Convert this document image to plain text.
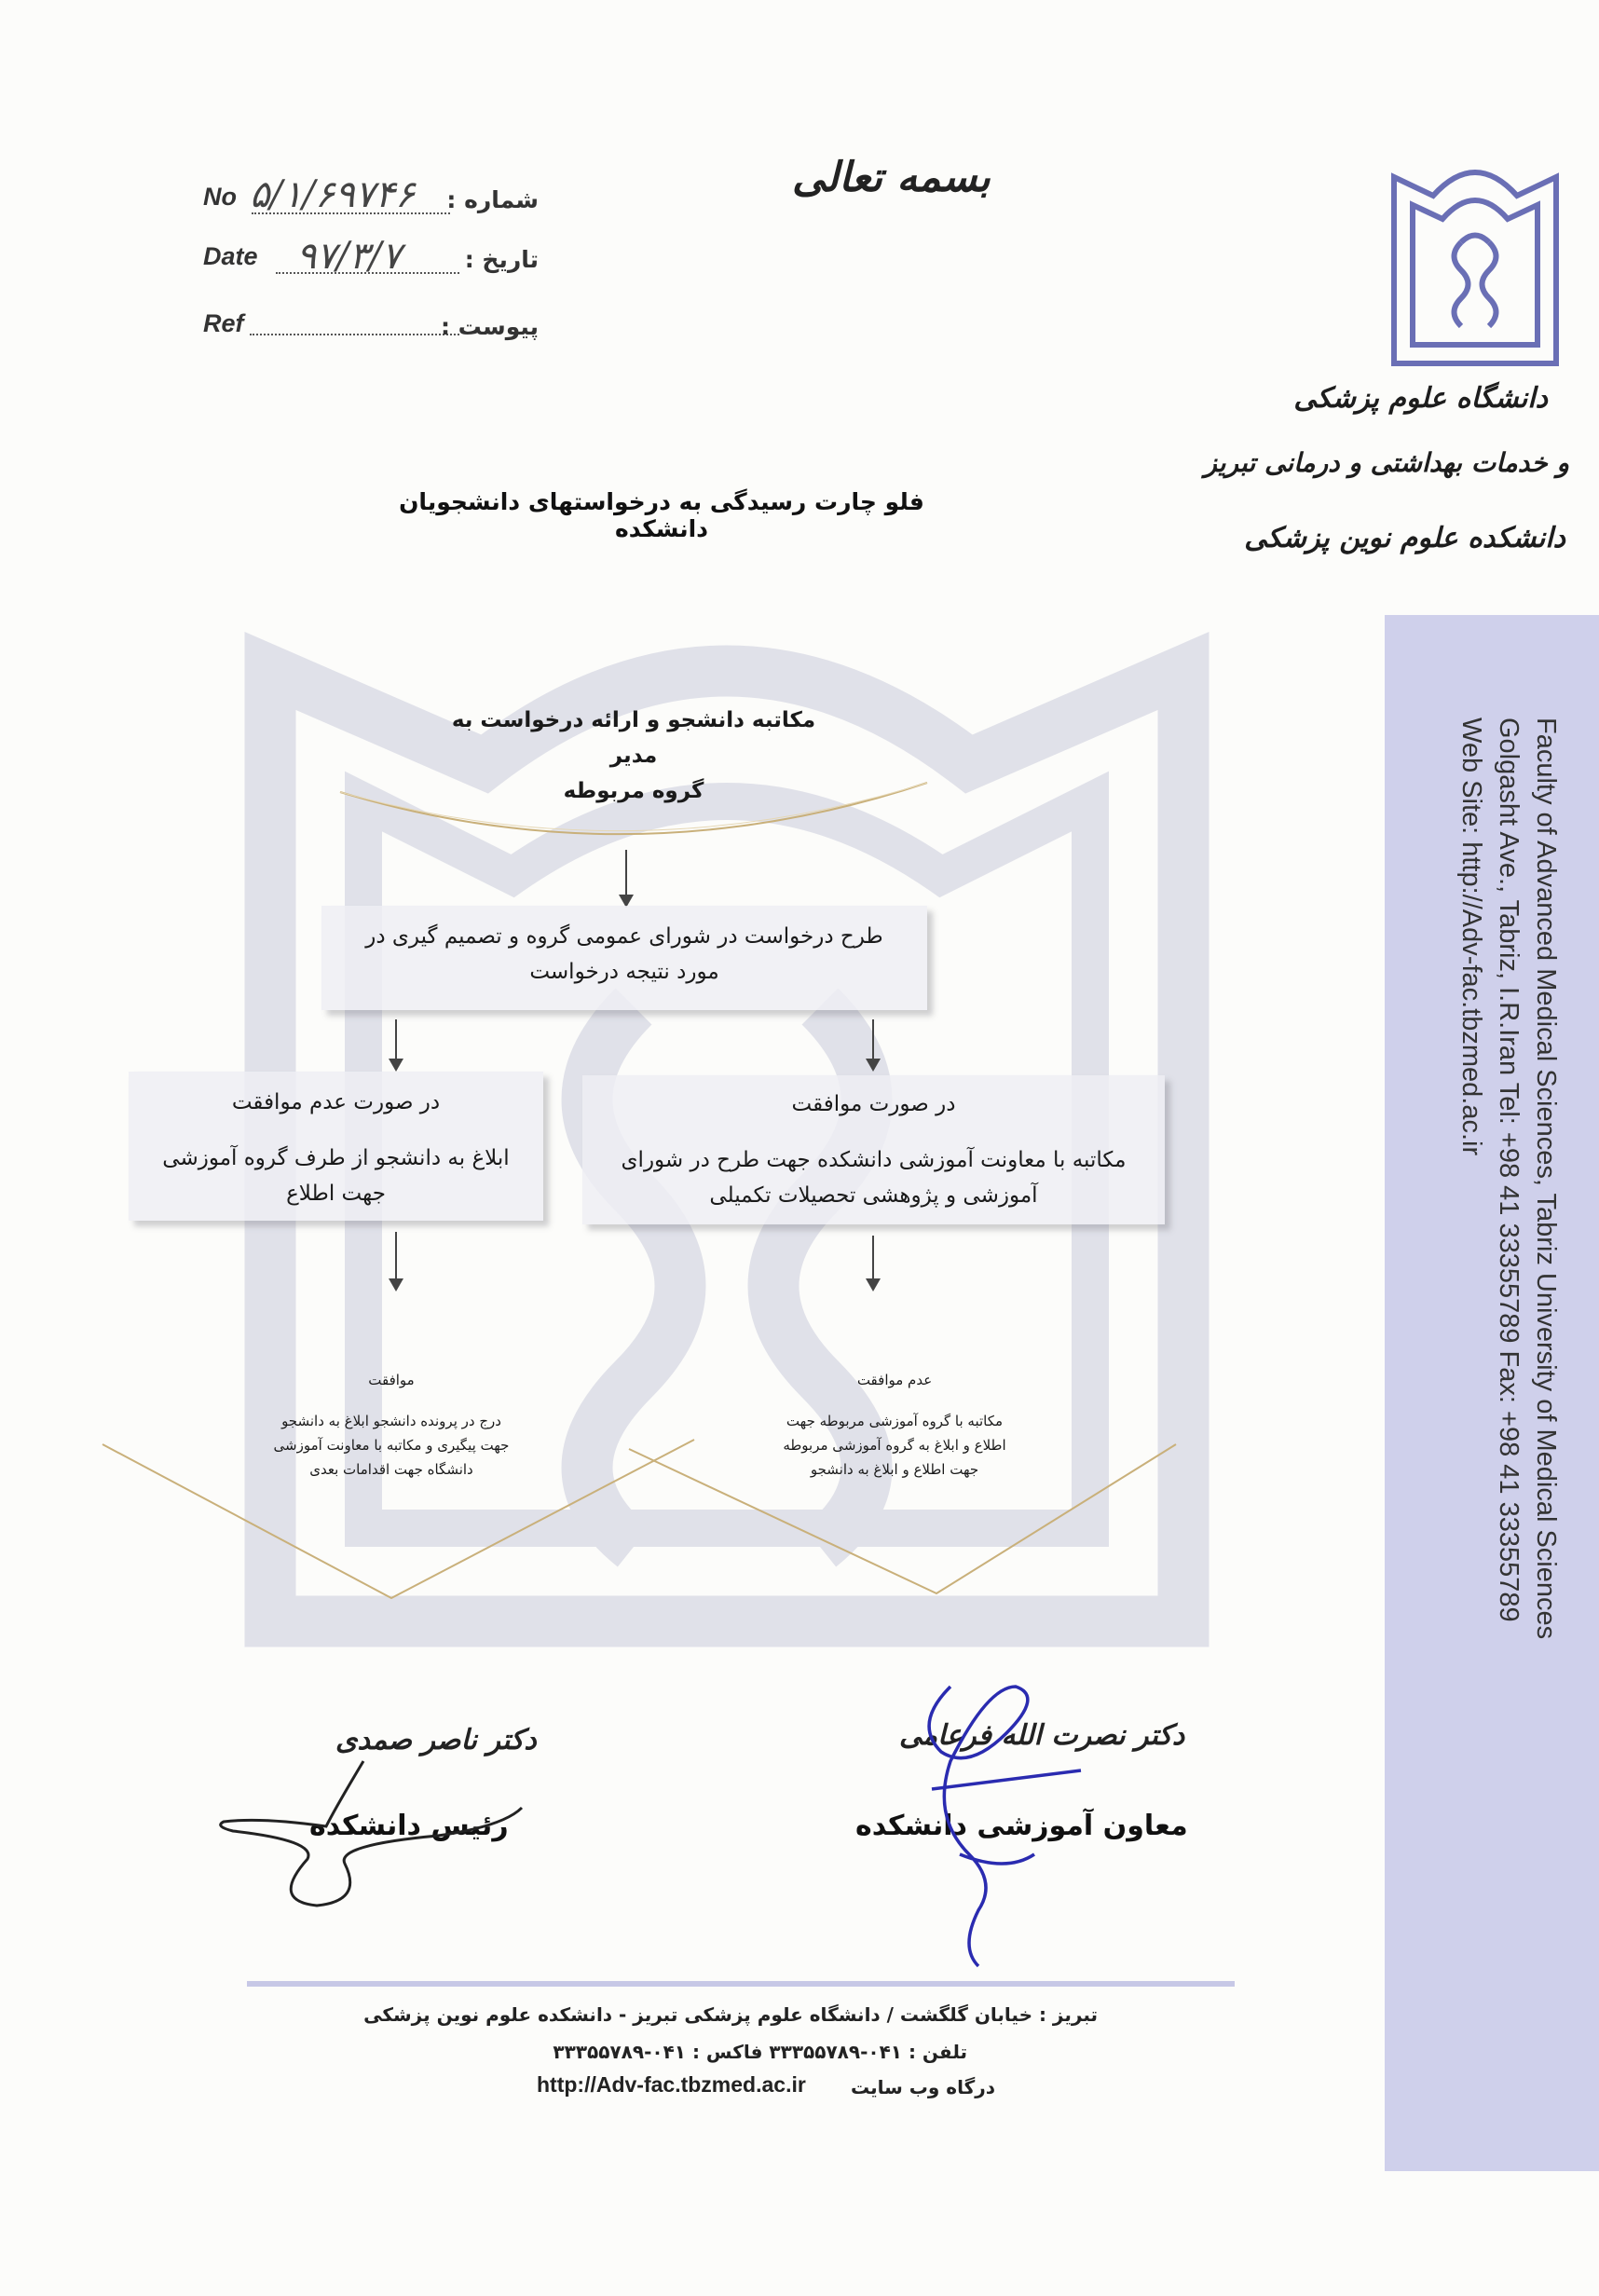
دانشگاه علوم پزشکی
و خدمات بهداشتی و درمانی تبریز
دانشکده علوم نوین پزشکی
Faculty of Advanced Medical Sciences, Tabriz University of Medical Sciences
Golgasht Ave., Tabriz, I.R.Iran Tel: +98 41 33355789 Fax: +98 41 33355789
Web Site: http://Adv-fac.tbzmed.ac.ir
بسمه تعالی
No	شماره :
۵/۱/۶۹۷۴۶
Date	تاریخ :
۹۷/۳/۷
Ref	پیوست :
فلو چارت رسیدگی به درخواستهای دانشجویان دانشکده
مکاتبه دانشجو و ارائه درخواست به مدیر
گروه مربوطه
طرح درخواست در شورای عمومی گروه و تصمیم گیری در
مورد نتیجه درخواست
در صورت عدم موافقت
ابلاغ به دانشجو از طرف گروه آموزشی
جهت اطلاع
در صورت موافقت
مکاتبه با معاونت آموزشی دانشکده جهت طرح در شورای
آموزشی و پژوهشی تحصیلات تکمیلی
موافقت
درج در پرونده دانشجو ابلاغ به دانشجو
جهت پیگیری و مکاتبه با معاونت آموزشی
دانشگاه جهت اقدامات بعدی
عدم موافقت
مکاتبه با گروه آموزشی مربوطه جهت
اطلاع و ابلاغ به گروه آموزشی مربوطه
جهت اطلاع و ابلاغ به دانشجو
دکتر ناصر صمدی
رئیس دانشکده
دکتر نصرت الله فرعامی
معاون آموزشی دانشکده
تبریز : خیابان گلگشت / دانشگاه علوم پزشکی تبریز - دانشکده علوم نوین پزشکی
تلفن : ۰۴۱-۳۳۳۵۵۷۸۹ فاکس : ۰۴۱-۳۳۳۵۵۷۸۹
درگاه وب سایت
http://Adv-fac.tbzmed.ac.ir
